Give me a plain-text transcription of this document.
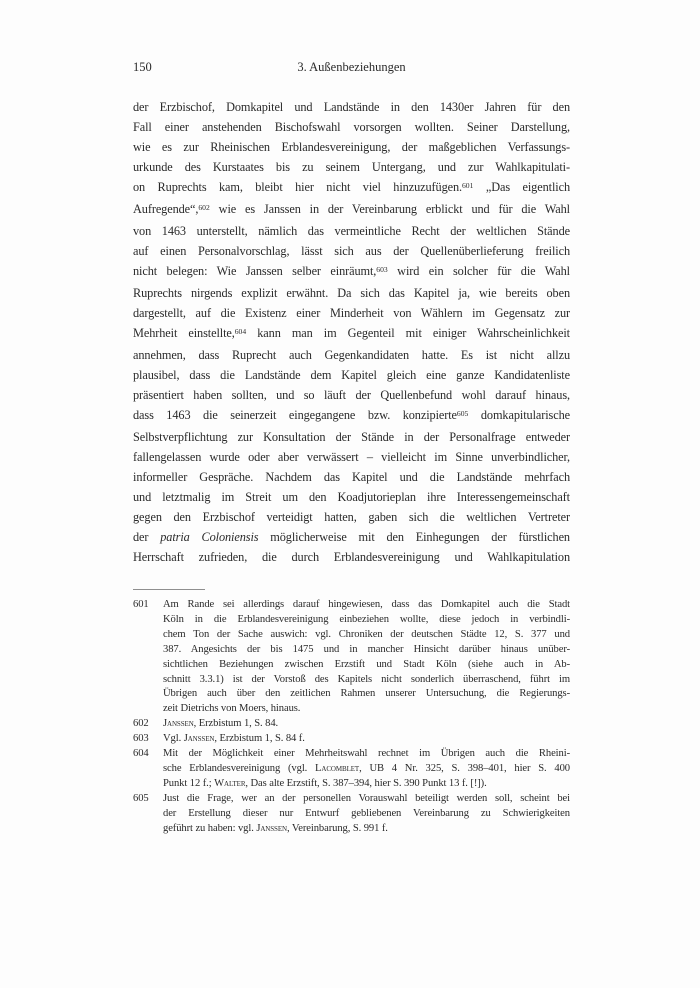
150	3. Außenbeziehungen
der Erzbischof, Domkapitel und Landstände in den 1430er Jahren für den
Fall einer anstehenden Bischofswahl vorsorgen wollten. Seiner Darstellung,
wie es zur Rheinischen Erblandesvereinigung, der maßgeblichen Verfassungs-
urkunde des Kurstaates bis zu seinem Untergang, und zur Wahlkapitulati-
on Ruprechts kam, bleibt hier nicht viel hinzuzufügen.$^{601}$ „Das eigentlich
Aufregende“,$^{602}$ wie es Janssen in der Vereinbarung erblickt und für die Wahl
von 1463 unterstellt, nämlich das vermeintliche Recht der weltlichen Stände
auf einen Personalvorschlag, lässt sich aus der Quellenüberlieferung freilich
nicht belegen: Wie Janssen selber einräumt,$^{603}$ wird ein solcher für die Wahl
Ruprechts nirgends explizit erwähnt. Da sich das Kapitel ja, wie bereits oben
dargestellt, auf die Existenz einer Minderheit von Wählern im Gegensatz zur
Mehrheit einstellte,$^{604}$ kann man im Gegenteil mit einiger Wahrscheinlichkeit
annehmen, dass Ruprecht auch Gegenkandidaten hatte. Es ist nicht allzu
plausibel, dass die Landstände dem Kapitel gleich eine ganze Kandidatenliste
präsentiert haben sollten, und so läuft der Quellenbefund wohl darauf hinaus,
dass 1463 die seinerzeit eingegangene bzw. konzipierte$^{605}$ domkapitularische
Selbstverpflichtung zur Konsultation der Stände in der Personalfrage entweder
fallengelassen wurde oder aber verwässert – vielleicht im Sinne unverbindlicher,
informeller Gespräche. Nachdem das Kapitel und die Landstände mehrfach
und letztmalig im Streit um den Koadjutorieplan ihre Interessengemeinschaft
gegen den Erzbischof verteidigt hatten, gaben sich die weltlichen Vertreter
der patria Coloniensis möglicherweise mit den Einhegungen der fürstlichen
Herrschaft zufrieden, die durch Erblandesvereinigung und Wahlkapitulation
601	Am Rande sei allerdings darauf hingewiesen, dass das Domkapitel auch die Stadt
Köln in die Erblandesvereinigung einbeziehen wollte, diese jedoch in verbindli-
chem Ton der Sache auswich: vgl. Chroniken der deutschen Städte 12, S. 377 und
387. Angesichts der bis 1475 und in mancher Hinsicht darüber hinaus unüber-
sichtlichen Beziehungen zwischen Erzstift und Stadt Köln (siehe auch in Ab-
schnitt 3.3.1) ist der Vorstoß des Kapitels nicht sonderlich überraschend, führt im
Übrigen auch über den zeitlichen Rahmen unserer Untersuchung, die Regierungs-
zeit Dietrichs von Moers, hinaus.
602	Janssen, Erzbistum 1, S. 84.
603	Vgl. Janssen, Erzbistum 1, S. 84 f.
604	Mit der Möglichkeit einer Mehrheitswahl rechnet im Übrigen auch die Rheini-
sche Erblandesvereinigung (vgl. Lacomblet, UB 4 Nr. 325, S. 398–401, hier S. 400
Punkt 12 f.; Walter, Das alte Erzstift, S. 387–394, hier S. 390 Punkt 13 f. [!]).
605	Just die Frage, wer an der personellen Vorauswahl beteiligt werden soll, scheint bei
der Erstellung dieser nur Entwurf gebliebenen Vereinbarung zu Schwierigkeiten
geführt zu haben: vgl. Janssen, Vereinbarung, S. 991 f.
